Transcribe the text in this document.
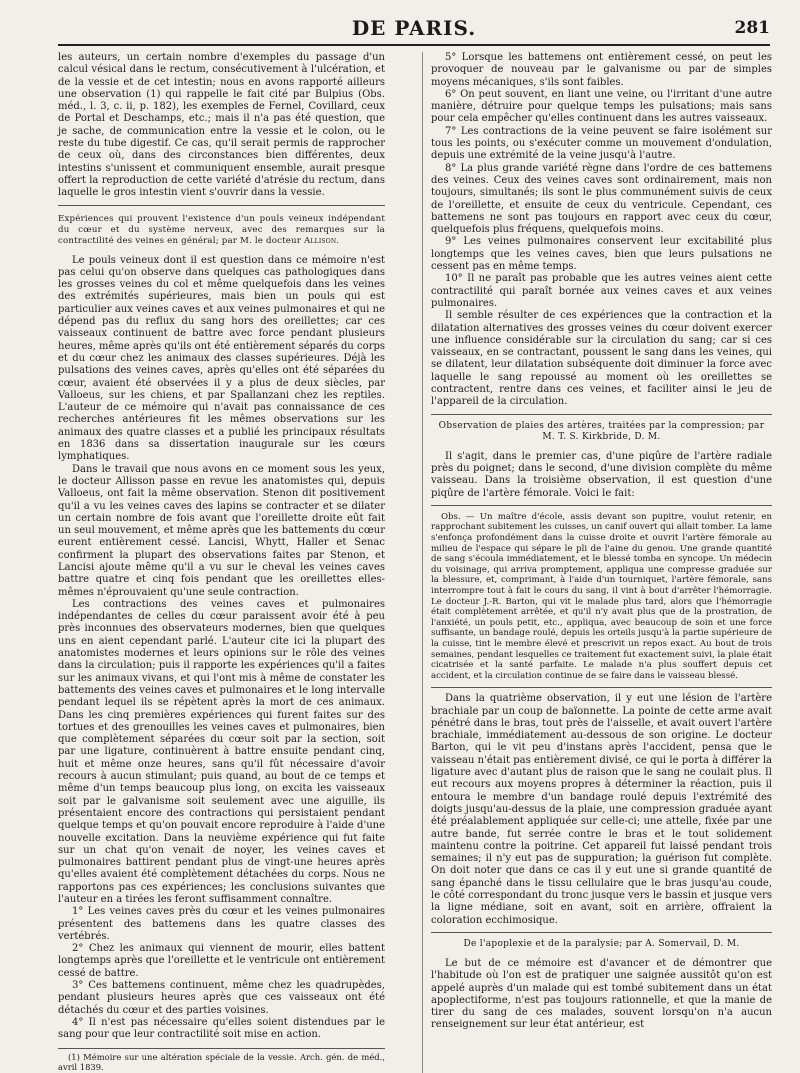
DE PARIS.	281

les auteurs, un certain nombre d'exemples du passage d'un calcul vésical dans le rectum, consécutivement à l'ulcération, et de la vessie et de cet intestin; nous en avons rapporté ailleurs une observation (1) qui rappelle le fait cité par Bulpius (Obs. méd., l. 3, c. ii, p. 182), les exemples de Fernel, Covillard, ceux de Portal et Deschamps, etc.; mais il n'a pas été question, que je sache, de communication entre la vessie et le colon, ou le reste du tube digestif. Ce cas, qu'il serait permis de rapprocher de ceux où, dans des circonstances bien différentes, deux intestins s'unissent et communiquent ensemble, aurait presque offert la reproduction de cette variété d'atrésie du rectum, dans laquelle le gros intestin vient s'ouvrir dans la vessie.

Expériences qui prouvent l'existence d'un pouls veineux indépendant du cœur et du système nerveux, avec des remarques sur la contractilité des veines en général; par M. le docteur Allison.

Le pouls veineux dont il est question dans ce mémoire n'est pas celui qu'on observe dans quelques cas pathologiques dans les grosses veines du col et même quelquefois dans les veines des extrémités supérieures, mais bien un pouls qui est particulier aux veines caves et aux veines pulmonaires et qui ne dépend pas du reflux du sang hors des oreillettes; car ces vaisseaux continuent de battre avec force pendant plusieurs heures, même après qu'ils ont été entièrement séparés du corps et du cœur chez les animaux des classes supérieures. Déjà les pulsations des veines caves, après qu'elles ont été séparées du cœur, avaient été observées il y a plus de deux siècles, par Valloeus, sur les chiens, et par Spallanzani chez les reptiles. L'auteur de ce mémoire qui n'avait pas connaissance de ces recherches antérieures fit les mêmes observations sur les animaux des quatre classes et a publié les principaux résultats en 1836 dans sa dissertation inaugurale sur les cœurs lymphatiques.

Dans le travail que nous avons en ce moment sous les yeux, le docteur Allisson passe en revue les anatomistes qui, depuis Valloeus, ont fait la même observation. Stenon dit positivement qu'il a vu les veines caves des lapins se contracter et se dilater un certain nombre de fois avant que l'oreillette droite eût fait un seul mouvement, et même après que les battements du cœur eurent entièrement cessé. Lancisi, Whytt, Haller et Senac confirment la plupart des observations faites par Stenon, et Lancisi ajoute même qu'il a vu sur le cheval les veines caves battre quatre et cinq fois pendant que les oreillettes elles-mêmes n'éprouvaient qu'une seule contraction.

Les contractions des veines caves et pulmonaires indépendantes de celles du cœur paraissent avoir été à peu près inconnues des observateurs modernes, bien que quelques uns en aient cependant parlé. L'auteur cite ici la plupart des anatomistes modernes et leurs opinions sur le rôle des veines dans la circulation; puis il rapporte les expériences qu'il a faites sur les animaux vivans, et qui l'ont mis à même de constater les battements des veines caves et pulmonaires et le long intervalle pendant lequel ils se répètent après la mort de ces animaux. Dans les cinq premières expériences qui furent faites sur des tortues et des grenouilles les veines caves et pulmonaires, bien que complètement séparées du cœur soit par la section, soit par une ligature, continuèrent à battre ensuite pendant cinq, huit et même onze heures, sans qu'il fût nécessaire d'avoir recours à aucun stimulant; puis quand, au bout de ce temps et même d'un temps beaucoup plus long, on excita les vaisseaux soit par le galvanisme soit seulement avec une aiguille, ils présentaient encore des contractions qui persistaient pendant quelque temps et qu'on pouvait encore reproduire à l'aide d'une nouvelle excitation. Dans la neuvième expérience qui fut faite sur un chat qu'on venait de noyer, les veines caves et pulmonaires battirent pendant plus de vingt-une heures après qu'elles avaient été complètement détachées du corps. Nous ne rapportons pas ces expériences; les conclusions suivantes que l'auteur en a tirées les feront suffisamment connaître.

1° Les veines caves près du cœur et les veines pulmonaires présentent des battemens dans les quatre classes des vertébrés.

2° Chez les animaux qui viennent de mourir, elles battent longtemps après que l'oreillette et le ventricule ont entièrement cessé de battre.

3° Ces battemens continuent, même chez les quadrupèdes, pendant plusieurs heures après que ces vaisseaux ont été détachés du cœur et des parties voisines.

4° Il n'est pas nécessaire qu'elles soient distendues par le sang pour que leur contractilité soit mise en action.

(1) Mémoire sur une altération spéciale de la vessie. Arch. gén. de méd., avril 1839.

5° Lorsque les battemens ont entièrement cessé, on peut les provoquer de nouveau par le galvanisme ou par de simples moyens mécaniques, s'ils sont faibles.

6° On peut souvent, en liant une veine, ou l'irritant d'une autre manière, détruire pour quelque temps les pulsations; mais sans pour cela empêcher qu'elles continuent dans les autres vaisseaux.

7° Les contractions de la veine peuvent se faire isolément sur tous les points, ou s'exécuter comme un mouvement d'ondulation, depuis une extrémité de la veine jusqu'à l'autre.

8° La plus grande variété règne dans l'ordre de ces battemens des veines. Ceux des veines caves sont ordinairement, mais non toujours, simultanés; ils sont le plus communément suivis de ceux de l'oreillette, et ensuite de ceux du ventricule. Cependant, ces battemens ne sont pas toujours en rapport avec ceux du cœur, quelquefois plus fréquens, quelquefois moins.

9° Les veines pulmonaires conservent leur excitabilité plus longtemps que les veines caves, bien que leurs pulsations ne cessent pas en même temps.

10° Il ne paraît pas probable que les autres veines aient cette contractilité qui paraît bornée aux veines caves et aux veines pulmonaires.

Il semble résulter de ces expériences que la contraction et la dilatation alternatives des grosses veines du cœur doivent exercer une influence considérable sur la circulation du sang; car si ces vaisseaux, en se contractant, poussent le sang dans les veines, qui se dilatent, leur dilatation subséquente doit diminuer la force avec laquelle le sang repoussé au moment où les oreillettes se contractent, rentre dans ces veines, et faciliter ainsi le jeu de l'appareil de la circulation.

Observation de plaies des artères, traitées par la compression; par M. T. S. Kirkbride, D. M.

Il s'agit, dans le premier cas, d'une piqûre de l'artère radiale près du poignet; dans le second, d'une division complète du même vaisseau. Dans la troisième observation, il est question d'une piqûre de l'artère fémorale. Voici le fait:

Obs. — Un maître d'école, assis devant son pupitre, voulut retenir, en rapprochant subitement les cuisses, un canif ouvert qui allait tomber. La lame s'enfonça profondément dans la cuisse droite et ouvrit l'artère fémorale au milieu de l'espace qui sépare le pli de l'aine du genou. Une grande quantité de sang s'écoula immédiatement, et le blessé tomba en syncope. Un médecin du voisinage, qui arriva promptement, appliqua une compresse graduée sur la blessure, et, comprimant, à l'aide d'un tourniquet, l'artère fémorale, sans interrompre tout à fait le cours du sang, il vint à bout d'arrêter l'hémorragie. Le docteur J.-R. Barton, qui vit le malade plus tard, alors que l'hémorragie était complètement arrêtée, et qu'il n'y avait plus que de la prostration, de l'anxiété, un pouls petit, etc., appliqua, avec beaucoup de soin et une force suffisante, un bandage roulé, depuis les orteils jusqu'à la partie supérieure de la cuisse, tint le membre élevé et prescrivit un repos exact. Au bout de trois semaines, pendant lesquelles ce traitement fut exactement suivi, la plaie était cicatrisée et la santé parfaite. Le malade n'a plus souffert depuis cet accident, et la circulation continue de se faire dans le vaisseau blessé.

Dans la quatrième observation, il y eut une lésion de l'artère brachiale par un coup de baïonnette. La pointe de cette arme avait pénétré dans le bras, tout près de l'aisselle, et avait ouvert l'artère brachiale, immédiatement au-dessous de son origine. Le docteur Barton, qui le vit peu d'instans après l'accident, pensa que le vaisseau n'était pas entièrement divisé, ce qui le porta à différer la ligature avec d'autant plus de raison que le sang ne coulait plus. Il eut recours aux moyens propres à déterminer la réaction, puis il entoura le membre d'un bandage roulé depuis l'extrémité des doigts jusqu'au-dessus de la plaie, une compression graduée ayant été préalablement appliquée sur celle-ci; une attelle, fixée par une autre bande, fut serrée contre le bras et le tout solidement maintenu contre la poitrine. Cet appareil fut laissé pendant trois semaines; il n'y eut pas de suppuration; la guérison fut complète. On doit noter que dans ce cas il y eut une si grande quantité de sang épanché dans le tissu cellulaire que le bras jusqu'au coude, le côté correspondant du tronc jusque vers le bassin et jusque vers la ligne médiane, soit en avant, soit en arrière, offraient la coloration ecchimosique.

De l'apoplexie et de la paralysie; par A. Somervail, D. M.

Le but de ce mémoire est d'avancer et de démontrer que l'habitude où l'on est de pratiquer une saignée aussitôt qu'on est appelé auprès d'un malade qui est tombé subitement dans un état apoplectiforme, n'est pas toujours rationnelle, et que la manie de tirer du sang de ces malades, souvent lorsqu'on n'a aucun renseignement sur leur état antérieur, est
